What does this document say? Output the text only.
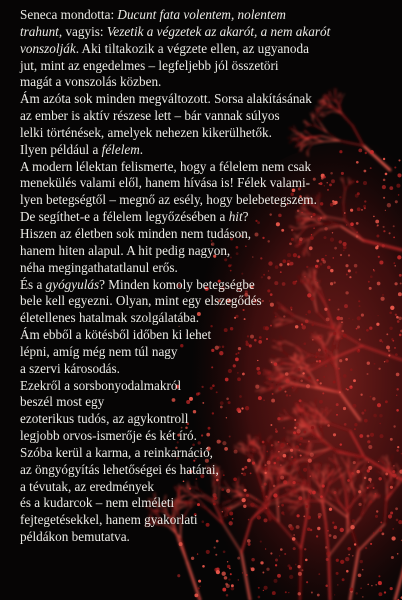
Seneca mondotta: Ducunt fata volentem, nolentem
trahunt, vagyis: Vezetik a végzetek az akarót, a nem akarót
vonszolják. Aki tiltakozik a végzete ellen, az ugyanoda
jut, mint az engedelmes – legfeljebb jól összetöri
magát a vonszolás közben.

Ám azóta sok minden megváltozott. Sorsa alakításának
az ember is aktív részese lett – bár vannak súlyos
lelki történések, amelyek nehezen kikerülhetők.
Ilyen például a félelem.

A modern lélektan felismerte, hogy a félelem nem csak
menekülés valami elől, hanem hívása is! Félek valami-
lyen betegségtől – megnő az esély, hogy belebetegszem.
De segíthet-e a félelem legyőzésében a hit?
Hiszen az életben sok minden nem tudáson,
hanem hiten alapul. A hit pedig nagyon,
néha megingathatatlanul erős.

És a gyógyulás? Minden komoly betegségbe
bele kell egyezni. Olyan, mint egy elszegődés
életellenes hatalmak szolgálatába.
Ám ebből a kötésből időben ki lehet
lépni, amíg még nem túl nagy
a szervi károsodás.

Ezekről a sorsbonyodalmakról
beszél most egy
ezoterikus tudós, az agykontroll
legjobb orvos-ismerője és két író.
Szóba kerül a karma, a reinkarnáció,
az öngyógyítás lehetőségei és határai,
a tévutak, az eredmények
és a kudarcok – nem elméleti
fejtegetésekkel, hanem gyakorlati
példákon bemutatva.
